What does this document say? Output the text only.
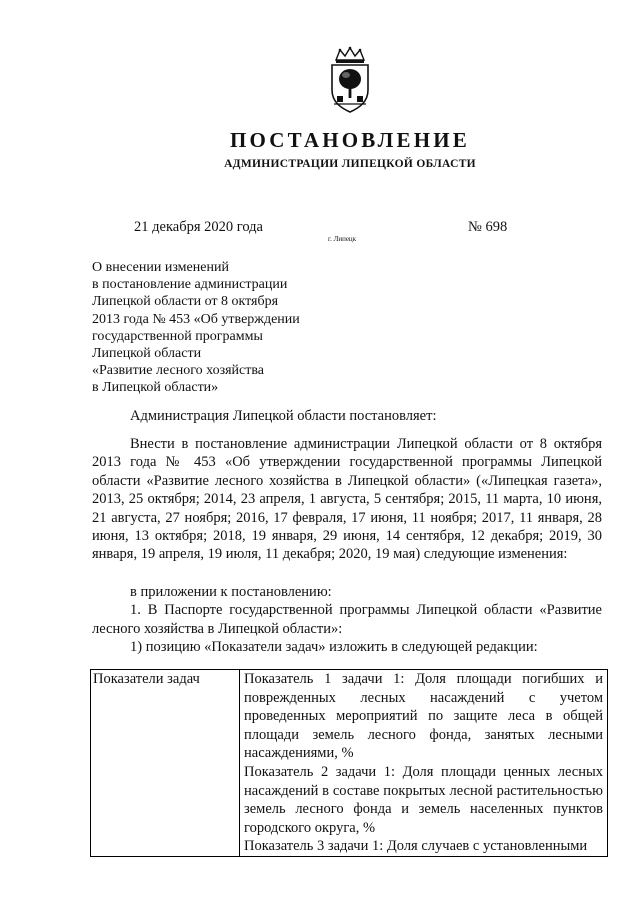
ПОСТАНОВЛЕНИЕ
АДМИНИСТРАЦИИ ЛИПЕЦКОЙ ОБЛАСТИ
21 декабря 2020 года
г. Липецк
№ 698
О внесении изменений
в постановление администрации
Липецкой области от 8 октября
2013 года № 453 «Об утверждении
государственной программы
Липецкой области
«Развитие лесного хозяйства
в Липецкой области»

Администрация Липецкой области постановляет:

Внести в постановление администрации Липецкой области от 8 октября 2013 года № 453 «Об утверждении государственной программы Липецкой области «Развитие лесного хозяйства в Липецкой области» («Липецкая газета», 2013, 25 октября; 2014, 23 апреля, 1 августа, 5 сентября; 2015, 11 марта, 10 июня, 21 августа, 27 ноября; 2016, 17 февраля, 17 июня, 11 ноября; 2017, 11 января, 28 июня, 13 октября; 2018, 19 января, 29 июня, 14 сентября, 12 декабря; 2019, 30 января, 19 апреля, 19 июля, 11 декабря; 2020, 19 мая) следующие изменения:

в приложении к постановлению:

1. В Паспорте государственной программы Липецкой области «Развитие лесного хозяйства в Липецкой области»:

1) позицию «Показатели задач» изложить в следующей редакции:

Показатели задач	Показатель 1 задачи 1: Доля площади погибших и поврежденных лесных насаждений с учетом проведенных мероприятий по защите леса в общей площади земель лесного фонда, занятых лесными насаждениями, %
Показатель 2 задачи 1: Доля площади ценных лесных насаждений в составе покрытых лесной растительностью земель лесного фонда и земель населенных пунктов городского округа, %
Показатель 3 задачи 1: Доля случаев с установленными
